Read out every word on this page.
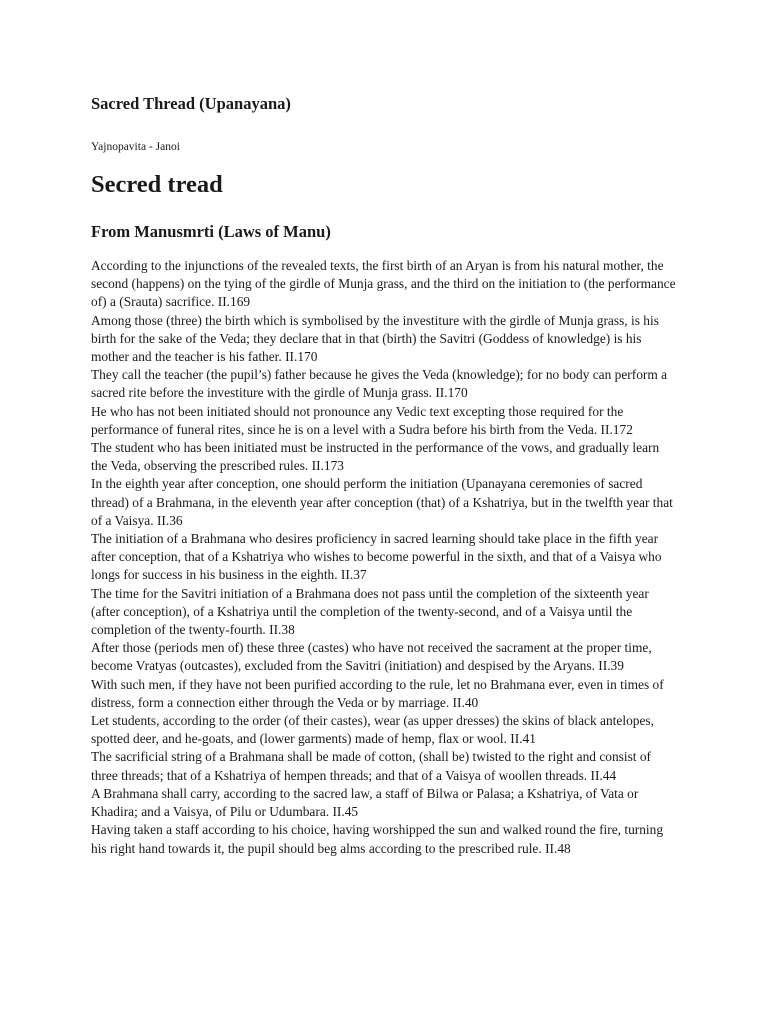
Sacred Thread (Upanayana)

Yajnopavita - Janoi

Secred tread
From Manusmrti (Laws of Manu)

According to the injunctions of the revealed texts, the first birth of an Aryan is from his natural mother, the second (happens) on the tying of the girdle of Munja grass, and the third on the initiation to (the performance of) a (Srauta) sacrifice. II.169

Among those (three) the birth which is symbolised by the investiture with the girdle of Munja grass, is his birth for the sake of the Veda; they declare that in that (birth) the Savitri (Goddess of knowledge) is his mother and the teacher is his father. II.170

They call the teacher (the pupil’s) father because he gives the Veda (knowledge); for no body can perform a sacred rite before the investiture with the girdle of Munja grass. II.170

He who has not been initiated should not pronounce any Vedic text excepting those required for the performance of funeral rites, since he is on a level with a Sudra before his birth from the Veda. II.172

The student who has been initiated must be instructed in the performance of the vows, and gradually learn the Veda, observing the prescribed rules. II.173

In the eighth year after conception, one should perform the initiation (Upanayana ceremonies of sacred thread) of a Brahmana, in the eleventh year after conception (that) of a Kshatriya, but in the twelfth year that of a Vaisya. II.36

The initiation of a Brahmana who desires proficiency in sacred learning should take place in the fifth year after conception, that of a Kshatriya who wishes to become powerful in the sixth, and that of a Vaisya who longs for success in his business in the eighth. II.37

The time for the Savitri initiation of a Brahmana does not pass until the completion of the sixteenth year (after conception), of a Kshatriya until the completion of the twenty-second, and of a Vaisya until the completion of the twenty-fourth. II.38

After those (periods men of) these three (castes) who have not received the sacrament at the proper time, become Vratyas (outcastes), excluded from the Savitri (initiation) and despised by the Aryans. II.39

With such men, if they have not been purified according to the rule, let no Brahmana ever, even in times of distress, form a connection either through the Veda or by marriage. II.40

Let students, according to the order (of their castes), wear (as upper dresses) the skins of black antelopes, spotted deer, and he-goats, and (lower garments) made of hemp, flax or wool. II.41

The sacrificial string of a Brahmana shall be made of cotton, (shall be) twisted to the right and consist of three threads; that of a Kshatriya of hempen threads; and that of a Vaisya of woollen threads. II.44

A Brahmana shall carry, according to the sacred law, a staff of Bilwa or Palasa; a Kshatriya, of Vata or Khadira; and a Vaisya, of Pilu or Udumbara. II.45

Having taken a staff according to his choice, having worshipped the sun and walked round the fire, turning his right hand towards it, the pupil should beg alms according to the prescribed rule. II.48
